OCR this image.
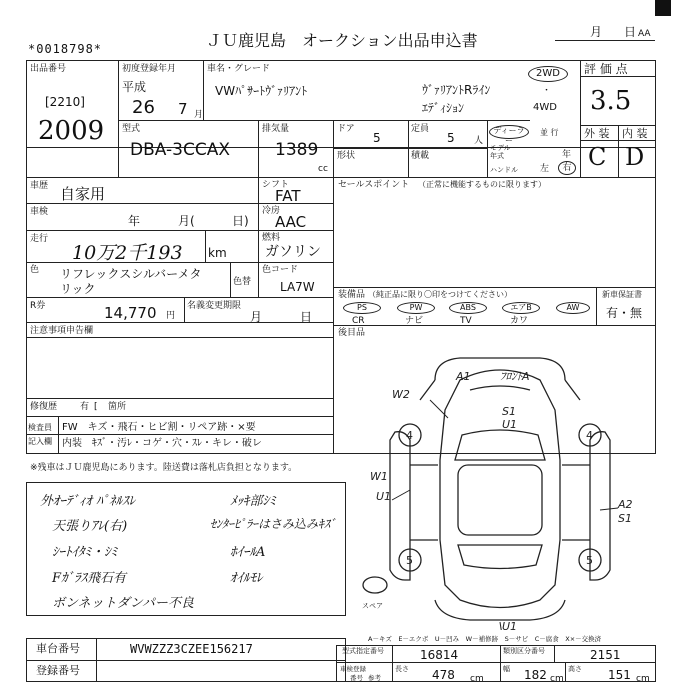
*0018798*	ＪＵ鹿児島　オークション出品申込書	月 日 AA
出品番号
[2210]
2009
初度登録年月
平成
26 7 月
車名・グレード
VWﾊﾟｻｰﾄｳﾞｧﾘｱﾝﾄ	ｳﾞｧﾘｱﾝﾄRﾗｲﾝ
ｴﾃﾞｨｼｮﾝ
2WD
・
4WD
評 価 点
3.5
外 装 内 装
C D
型式
DBA-3CCAX
排気量
1389
cc
ドア
5
定員
5 人
形状	積載
ディーラー
並 行
モデル 年式	年
ハンドル 左	右
車歴 自家用
車検
年	月(	日)
シフト
FAT
冷房
AAC
燃料
ガソリン
走行
10万2千193 km
色 リフレックスシルバーメタ
リック	色替
色コード
LA7W
R券	14,770 円
名義変更期限
月	日
セールスポイント （正常に機能するものに限ります）
装備品 （純正品に限り〇印をつけてください）
PS
CR
PW
ナビ
ABS
TV
エアB
カワ
AW
新車保証書
有・無
後目品
注意事項申告欄
修復歴	有 [ 箇所
検査員
記入欄
FW　キズ・飛石・ヒビ割・リペア跡・×要
内装　ｷｽﾞ・汚ﾚ・コゲ・穴・ｽﾚ・キレ・破レ
※残車はＪＵ鹿児島にあります。陸送費は落札店負担となります。
外ｵｰﾃﾞｨｵ ﾊﾟﾈﾙｽﾚ
天張りｱﾚ(右)
ｼｰﾄｲﾀﾐ・ｼﾐ
Fｶﾞﾗｽ飛石有
ボンネットダンパー不良
ﾒｯｷ部ｼﾐ
ｾﾝﾀｰﾋﾟﾗｰはさみ込みｷｽﾞ
ﾎｲｰﾙA
ｵｲﾙﾓﾚ
A1	ﾌﾛﾝﾄA
W2
S1
U1
W1
U1
A2
S1
U1
4	4
5	5
スペア
A－キズ　E－エクボ　U－凹み　W－補修跡　S－サビ　C－腐食　X×－交換済
車台番号	WVWZZZ3CZEE156217
登録番号
型式指定番号	16814	類別区分番号	2151
車検登録
番号 参考
長さ 478 cm
幅 182 cm
高さ 151 cm
